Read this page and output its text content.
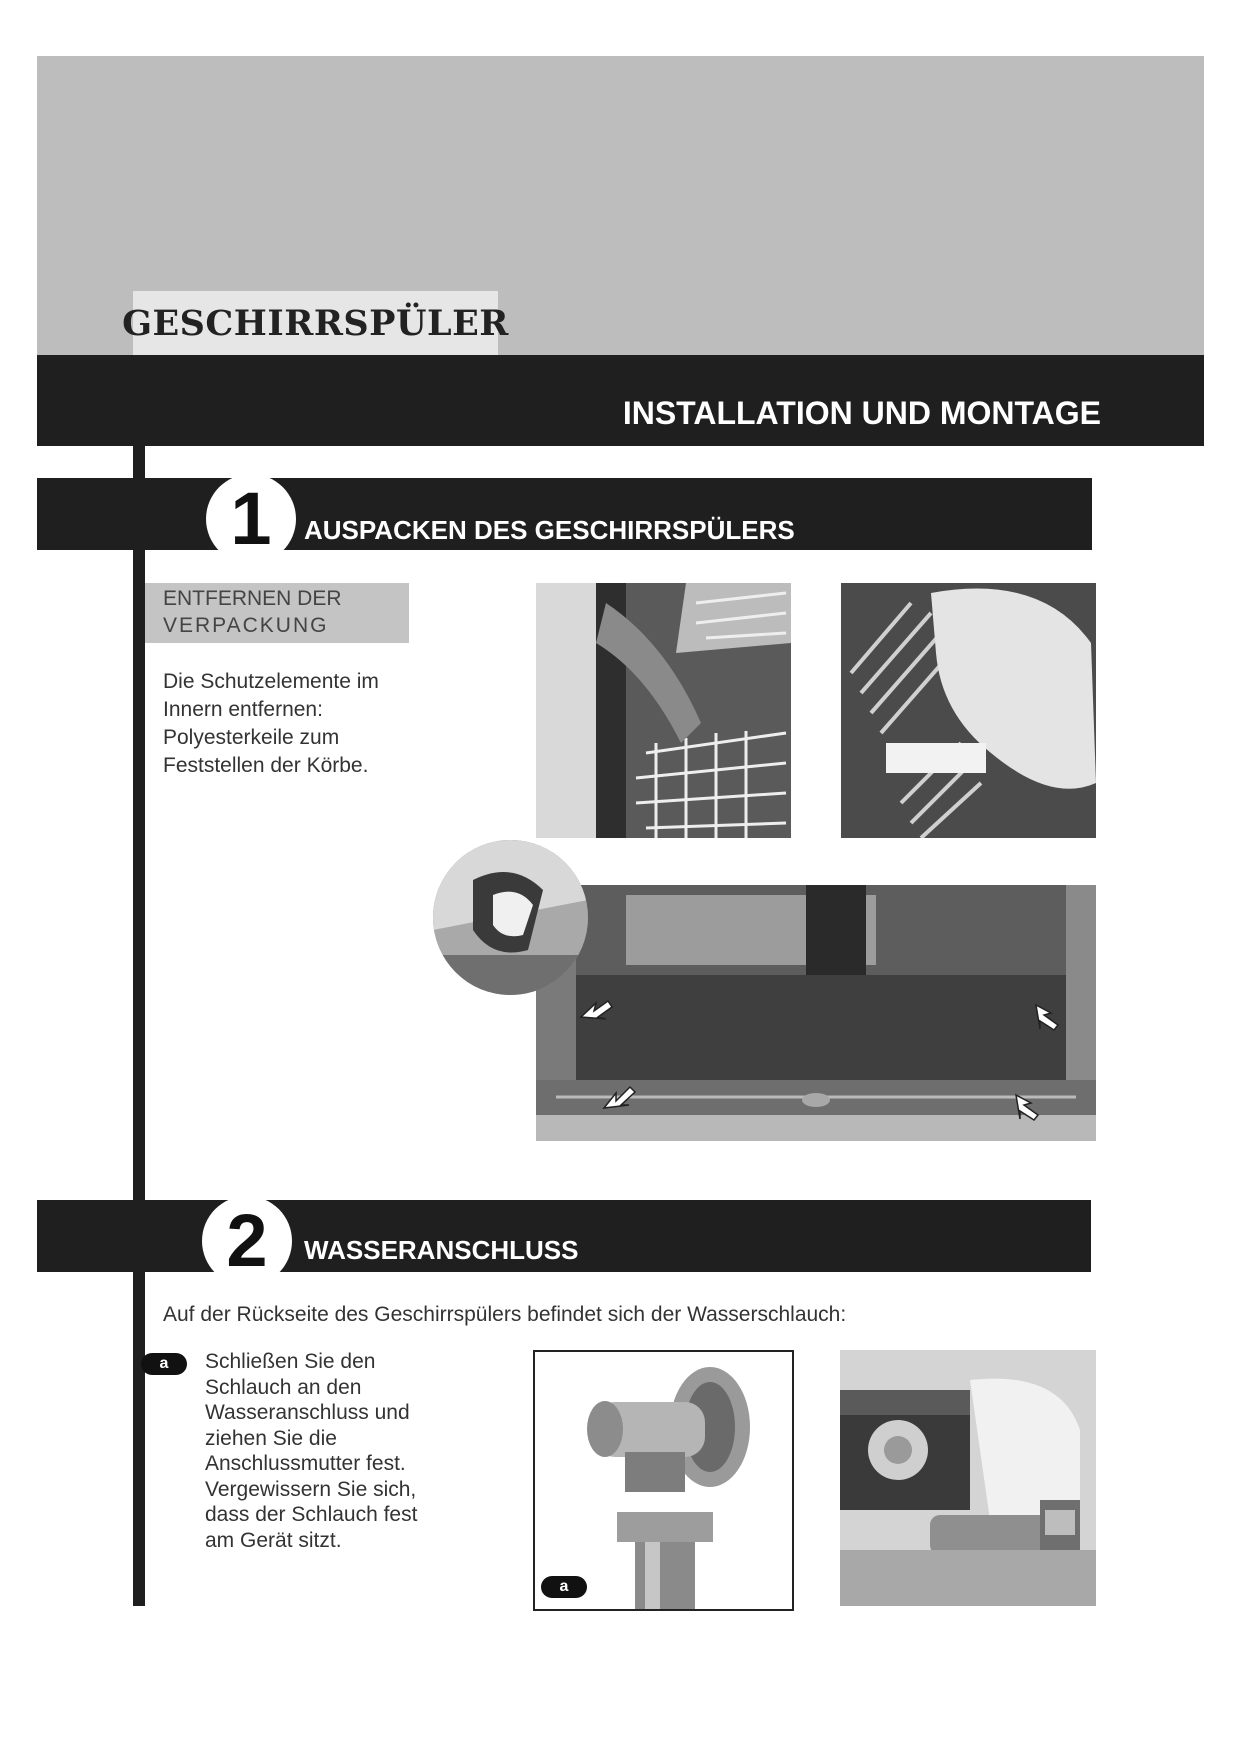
GESCHIRRSPÜLER
INSTALLATION UND MONTAGE
1	AUSPACKEN DES GESCHIRRSPÜLERS
ENTFERNEN DER
VERPACKUNG
Die Schutzelemente im
Innern entfernen:
Polyesterkeile zum
Feststellen der Körbe.
2	WASSERANSCHLUSS
Auf der Rückseite des Geschirrspülers befindet sich der Wasserschlauch:
a	Schließen Sie den
Schlauch an den
Wasseranschluss und
ziehen Sie die
Anschlussmutter fest.
Vergewissern Sie sich,
dass der Schlauch fest
am Gerät sitzt.
a
